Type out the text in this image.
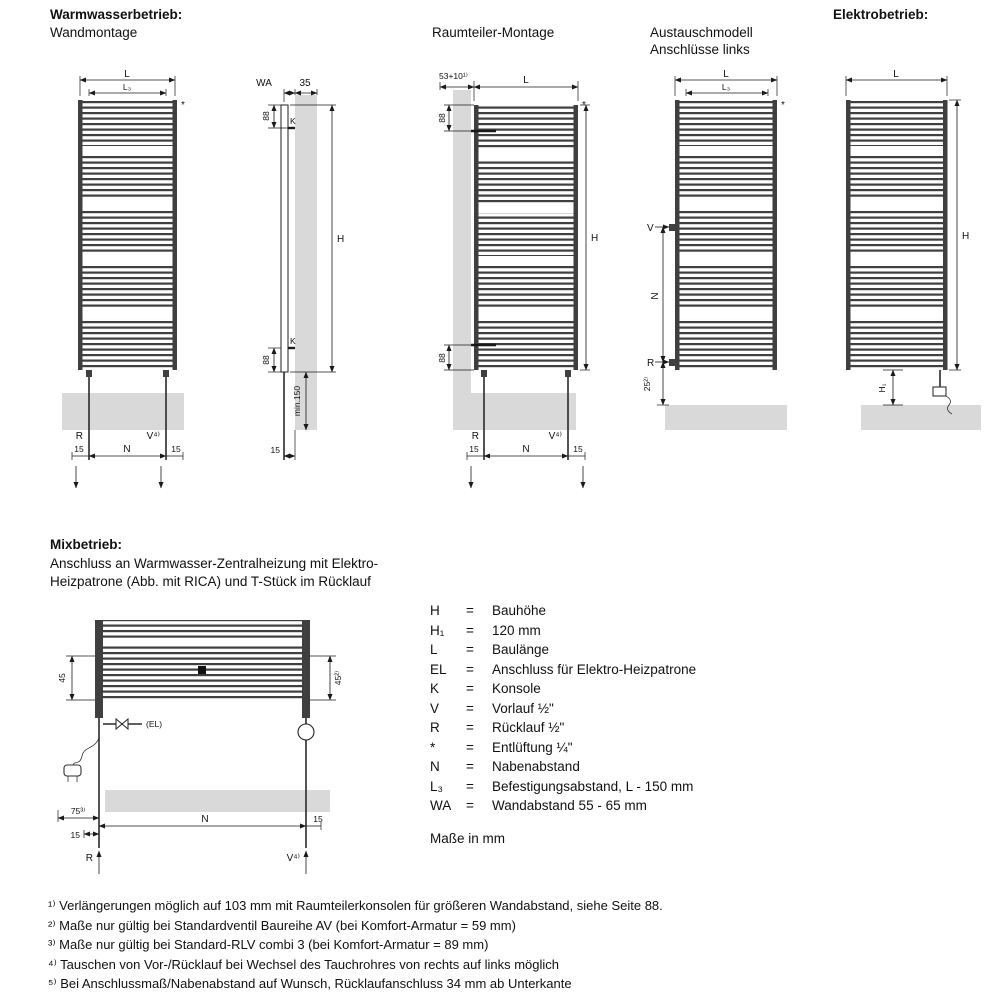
Warmwasserbetrieb:
Wandmontage	Raumteiler-Montage	Austauschmodell
Anschlüsse links
Elektrobetrieb:
Mixbetrieb:
Anschluss an Warmwasser-Zentralheizung mit Elektro-
Heizpatrone (Abb. mit RICA) und T-Stück im Rücklauf
L
L₃
*
R	V⁴⁾
15	N	15
WA	35
K
K
88
88
H
min.150
15
53+10¹⁾	L
*
88
88
H
R	V⁴⁾
15	N	15
L
L₃
*
V
N
R
25²⁾
L
H
H₁
45	45²⁾
(EL)
75³⁾
N	15
15
R	V⁴⁾
H	=	Bauhöhe
H₁	=	120 mm
L	=	Baulänge
EL	=	Anschluss für Elektro-Heizpatrone
K	=	Konsole
V	=	Vorlauf ½"
R	=	Rücklauf ½"
*	=	Entlüftung ¼"
N	=	Nabenabstand
L₃	=	Befestigungsabstand, L - 150 mm
WA	=	Wandabstand 55 - 65 mm
Maße in mm
¹⁾ Verlängerungen möglich auf 103 mm mit Raumteilerkonsolen für größeren Wandabstand, siehe Seite 88.
²⁾ Maße nur gültig bei Standardventil Baureihe AV (bei Komfort-Armatur = 59 mm)
³⁾ Maße nur gültig bei Standard-RLV combi 3 (bei Komfort-Armatur = 89 mm)
⁴⁾ Tauschen von Vor-/Rücklauf bei Wechsel des Tauchrohres von rechts auf links möglich
⁵⁾ Bei Anschlussmaß/Nabenabstand auf Wunsch, Rücklaufanschluss 34 mm ab Unterkante
